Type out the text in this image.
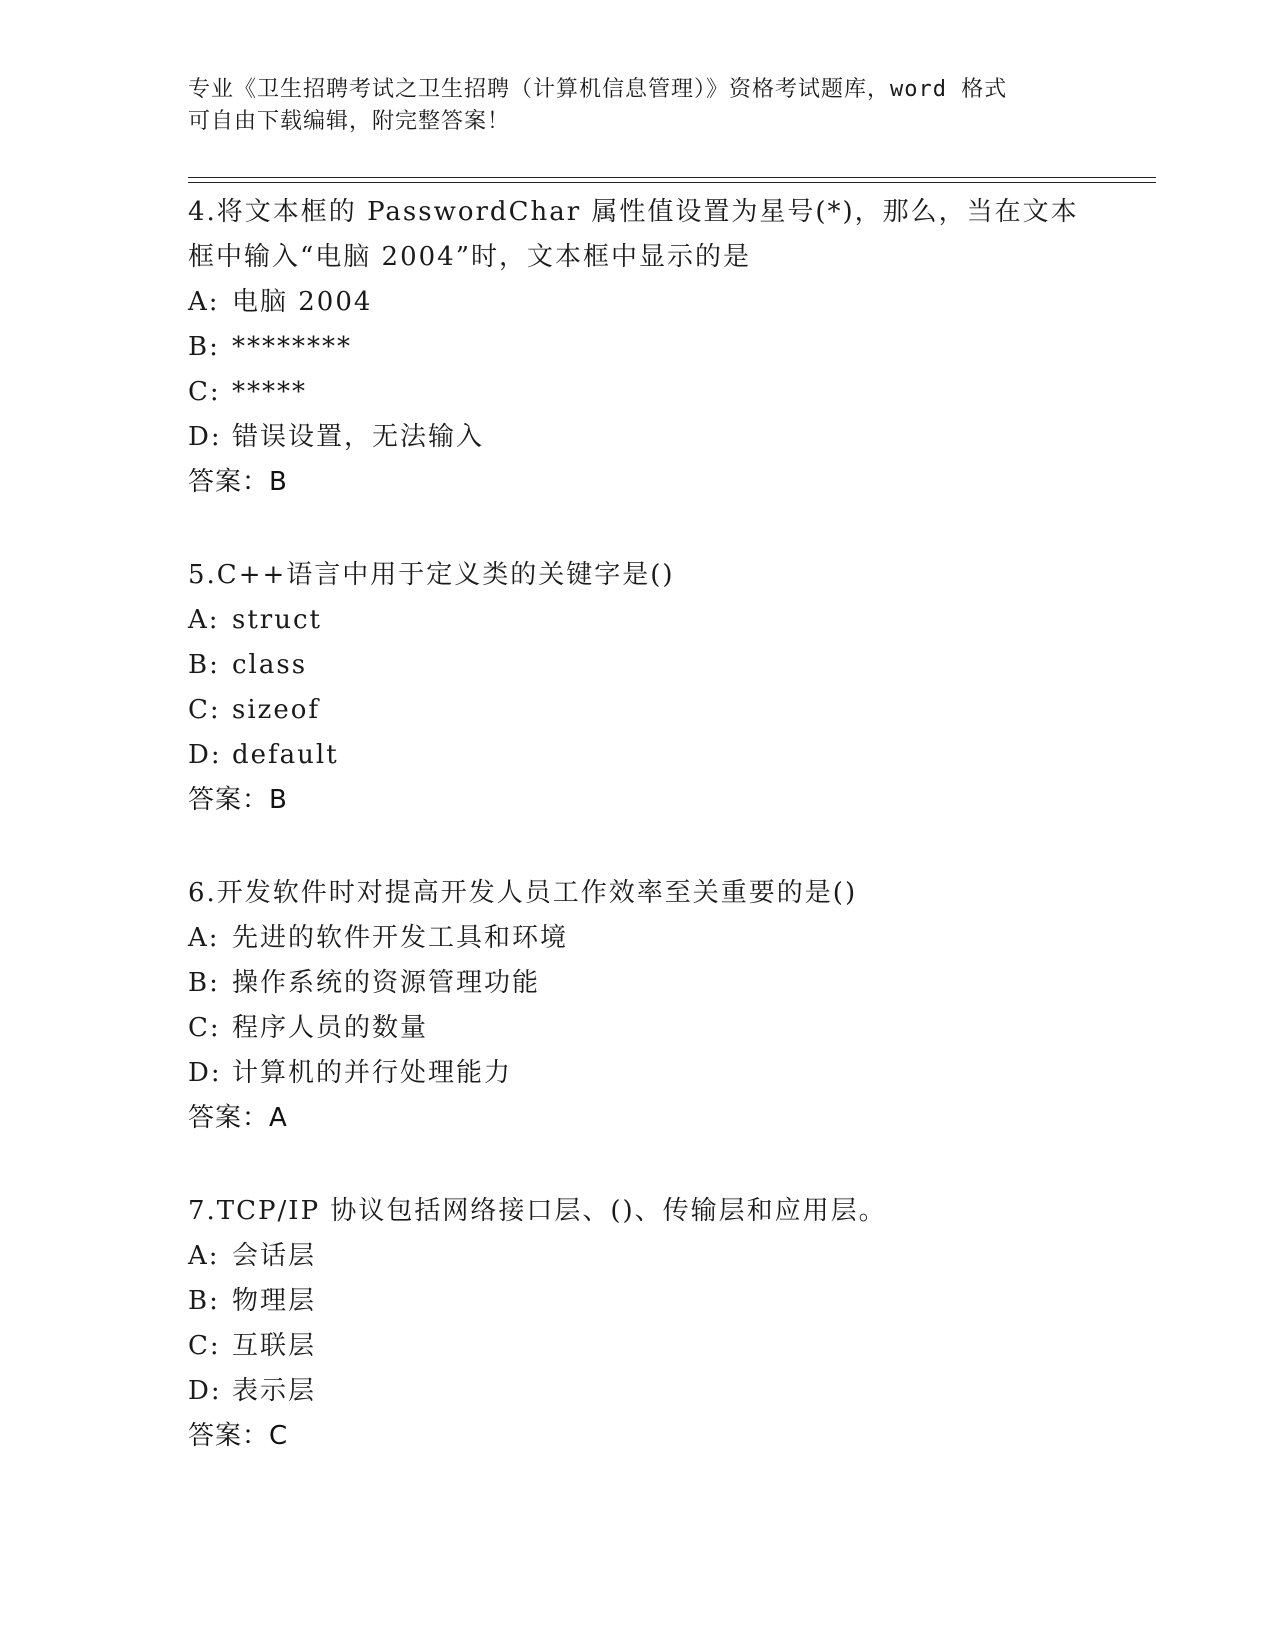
专业《卫生招聘考试之卫生招聘（计算机信息管理）》资格考试题库，word 格式
可自由下载编辑，附完整答案！
4.将文本框的 PasswordChar 属性值设置为星号(*)，那么，当在文本
框中输入“电脑 2004”时，文本框中显示的是
A: 电脑 2004
B: ********
C: *****
D: 错误设置，无法输入
答案：B
5.C++语言中用于定义类的关键字是()
A: struct
B: class
C: sizeof
D: default
答案：B
6.开发软件时对提高开发人员工作效率至关重要的是()
A: 先进的软件开发工具和环境
B: 操作系统的资源管理功能
C: 程序人员的数量
D: 计算机的并行处理能力
答案：A
7.TCP/IP 协议包括网络接口层、()、传输层和应用层。
A: 会话层
B: 物理层
C: 互联层
D: 表示层
答案：C
